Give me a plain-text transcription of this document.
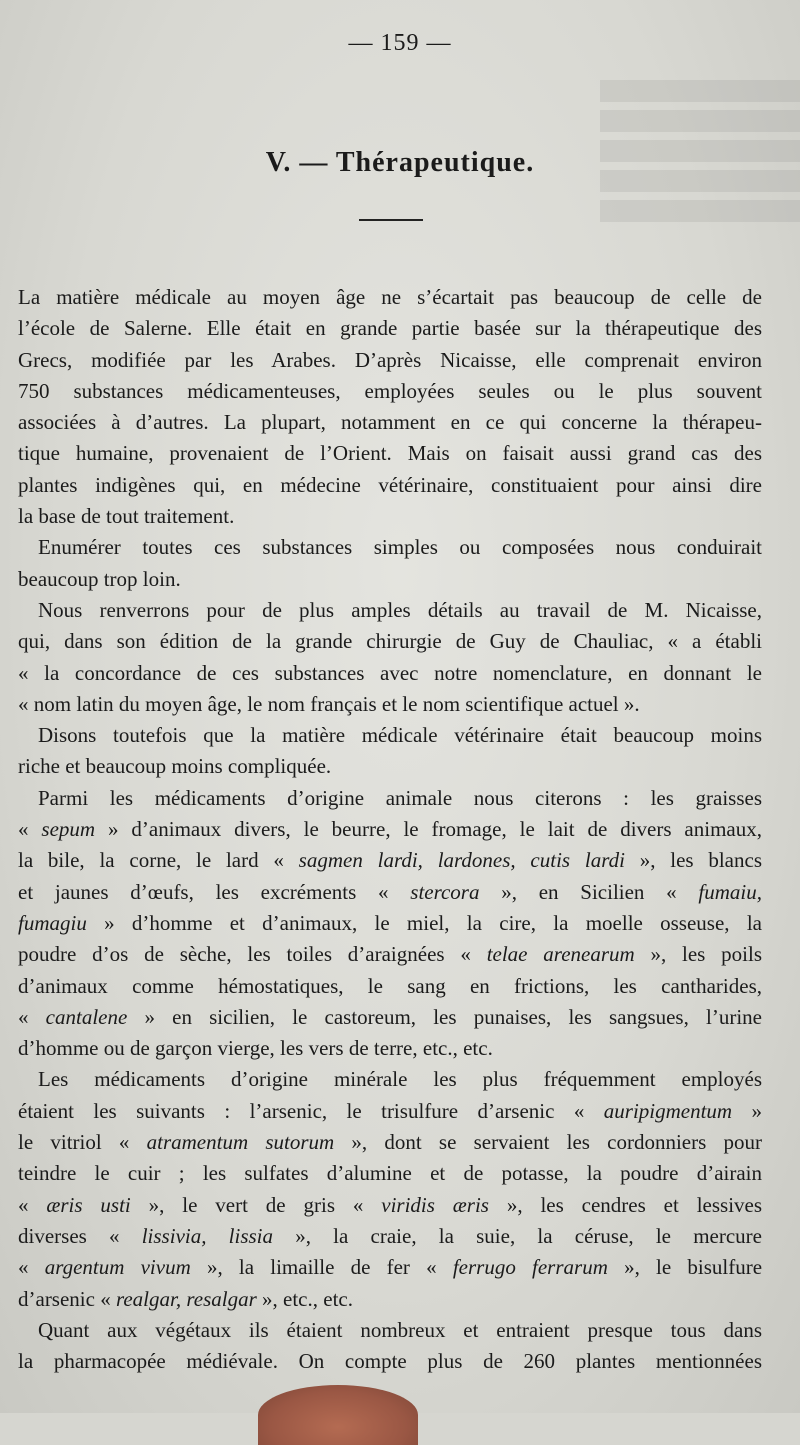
— 159 —
V. — Thérapeutique.
La matière médicale au moyen âge ne s’écartait pas beaucoup de celle de
l’école de Salerne. Elle était en grande partie basée sur la thérapeutique des
Grecs, modifiée par les Arabes. D’après Nicaisse, elle comprenait environ
750 substances médicamenteuses, employées seules ou le plus souvent
associées à d’autres. La plupart, notamment en ce qui concerne la thérapeu-
tique humaine, provenaient de l’Orient. Mais on faisait aussi grand cas des
plantes indigènes qui, en médecine vétérinaire, constituaient pour ainsi dire
la base de tout traitement.
Enumérer toutes ces substances simples ou composées nous conduirait
beaucoup trop loin.
Nous renverrons pour de plus amples détails au travail de M. Nicaisse,
qui, dans son édition de la grande chirurgie de Guy de Chauliac, « a établi
« la concordance de ces substances avec notre nomenclature, en donnant le
« nom latin du moyen âge, le nom français et le nom scientifique actuel ».
Disons toutefois que la matière médicale vétérinaire était beaucoup moins
riche et beaucoup moins compliquée.
Parmi les médicaments d’origine animale nous citerons : les graisses
« sepum » d’animaux divers, le beurre, le fromage, le lait de divers animaux,
la bile, la corne, le lard « sagmen lardi, lardones, cutis lardi », les blancs
et jaunes d’œufs, les excréments « stercora », en Sicilien « fumaiu,
fumagiu » d’homme et d’animaux, le miel, la cire, la moelle osseuse, la
poudre d’os de sèche, les toiles d’araignées « telae arenearum », les poils
d’animaux comme hémostatiques, le sang en frictions, les cantharides,
« cantalene » en sicilien, le castoreum, les punaises, les sangsues, l’urine
d’homme ou de garçon vierge, les vers de terre, etc., etc.
Les médicaments d’origine minérale les plus fréquemment employés
étaient les suivants : l’arsenic, le trisulfure d’arsenic « auripigmentum »
le vitriol « atramentum sutorum », dont se servaient les cordonniers pour
teindre le cuir ; les sulfates d’alumine et de potasse, la poudre d’airain
« æris usti », le vert de gris « viridis æris », les cendres et lessives
diverses « lissivia, lissia », la craie, la suie, la céruse, le mercure
« argentum vivum », la limaille de fer « ferrugo ferrarum », le bisulfure
d’arsenic « realgar, resalgar », etc., etc.
Quant aux végétaux ils étaient nombreux et entraient presque tous dans
la pharmacopée médiévale. On compte plus de 260 plantes mentionnées
